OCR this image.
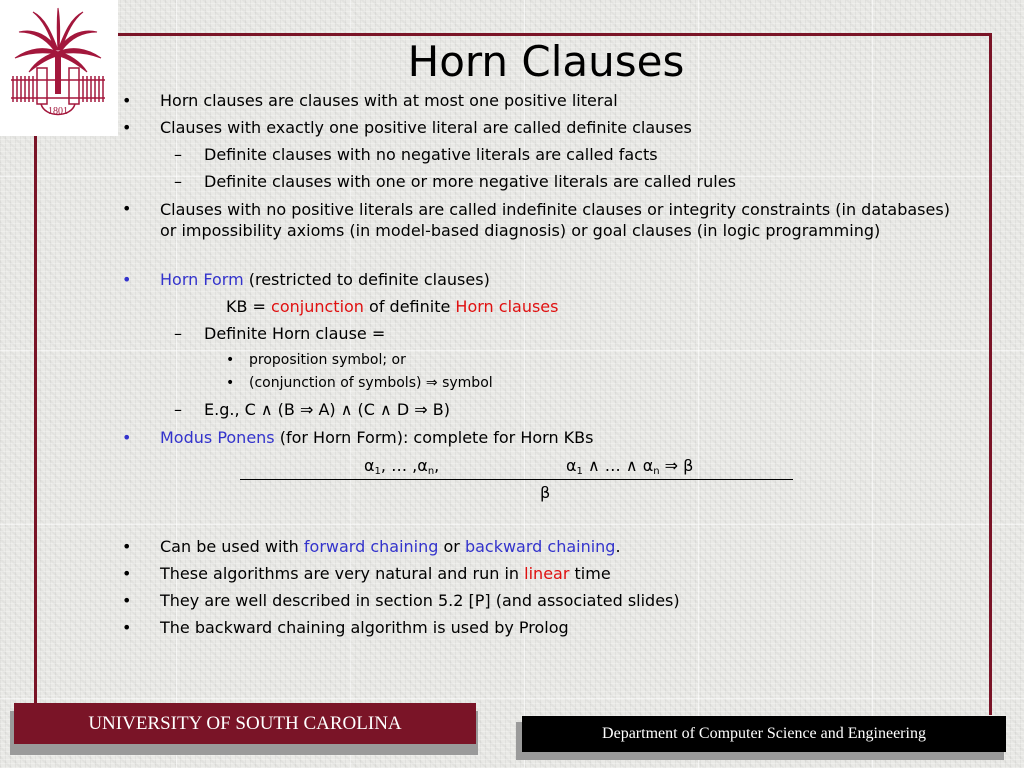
1801
Horn Clauses
• Horn clauses are clauses with at most one positive literal
• Clauses with exactly one positive literal are called definite clauses
– Definite clauses with no negative literals are called facts
– Definite clauses with one or more negative literals are called rules
• Clauses with no positive literals are called indefinite clauses or integrity constraints (in databases) or impossibility axioms (in model-based diagnosis) or goal clauses (in logic programming)
• Horn Form (restricted to definite clauses)
KB = conjunction of definite Horn clauses
– Definite Horn clause =
• proposition symbol; or
• (conjunction of symbols) ⇒ symbol
– E.g., C ∧ (B ⇒ A) ∧ (C ∧ D ⇒ B)
• Modus Ponens (for Horn Form): complete for Horn KBs
$\alpha_1$, … $,\alpha_n$,	$\alpha_1$ ∧ … ∧ $\alpha_n$ ⇒ β
β
• Can be used with forward chaining or backward chaining.
• These algorithms are very natural and run in linear time
• They are well described in section 5.2 [P] (and associated slides)
• The backward chaining algorithm is used by Prolog
UNIVERSITY OF SOUTH CAROLINA	Department of Computer Science and Engineering
